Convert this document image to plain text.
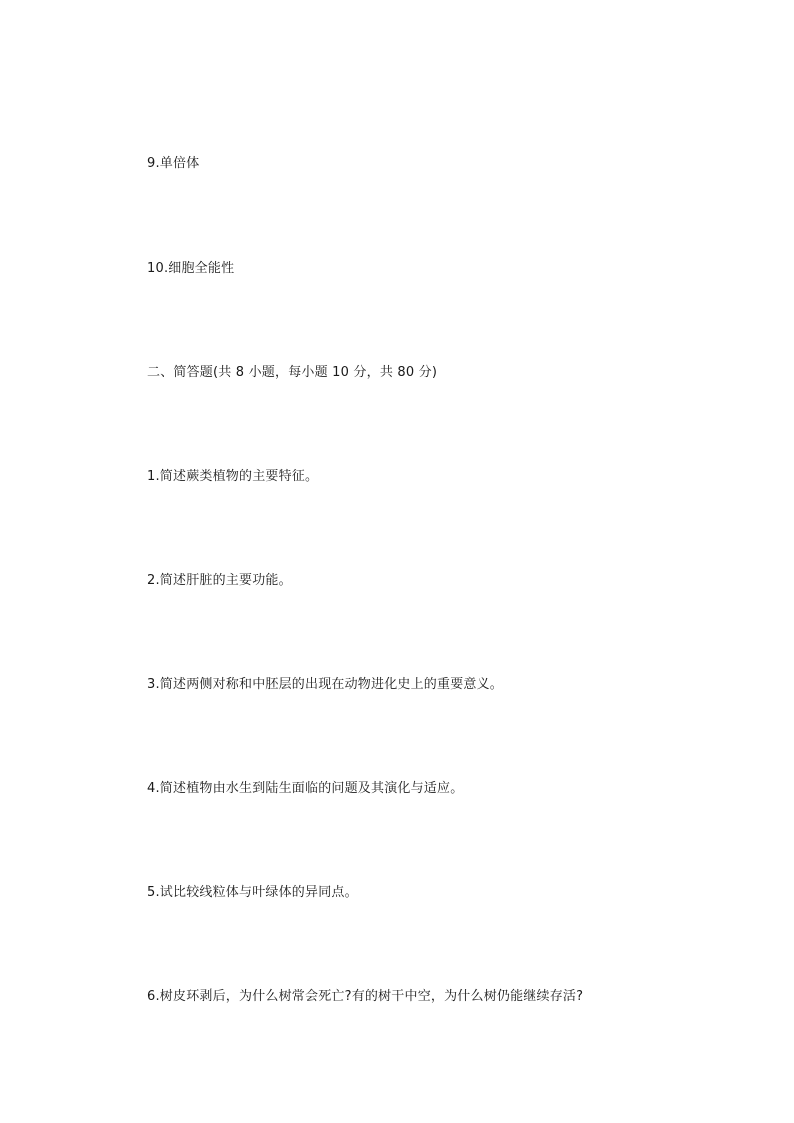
9.单倍体
10.细胞全能性
二、简答题(共 8 小题，每小题 10 分，共 80 分)
1.简述蕨类植物的主要特征。
2.简述肝脏的主要功能。
3.简述两侧对称和中胚层的出现在动物进化史上的重要意义。
4.简述植物由水生到陆生面临的问题及其演化与适应。
5.试比较线粒体与叶绿体的异同点。
6.树皮环剥后，为什么树常会死亡?有的树干中空，为什么树仍能继续存活?
